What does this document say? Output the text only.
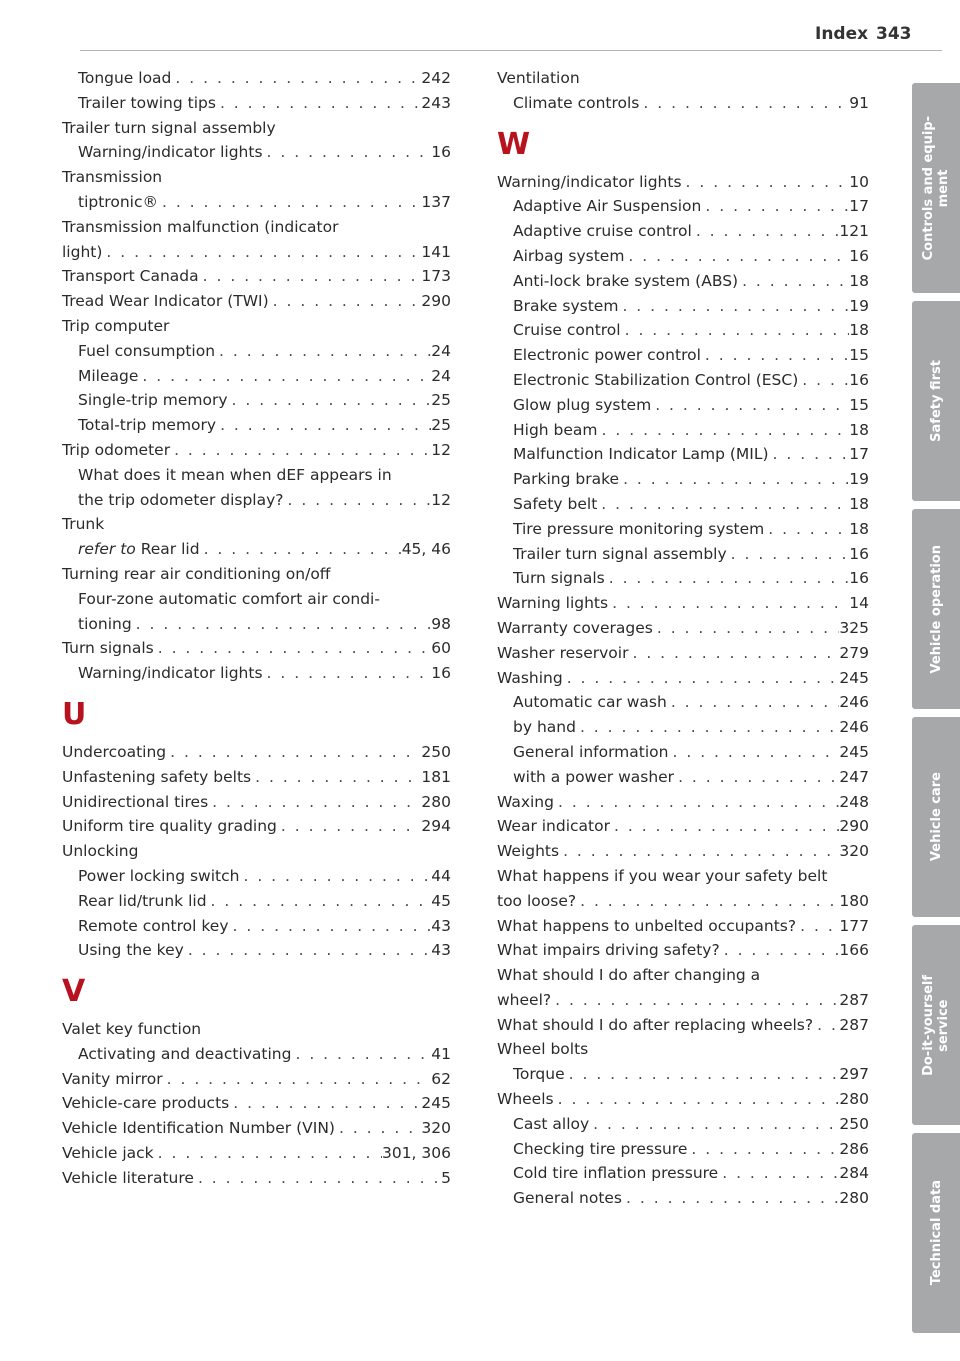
Index 343
Tongue load . . .	242
Trailer towing tips . . .	243
Trailer turn signal assembly
Warning/indicator lights . . .	16
Transmission
tiptronic® . . .	137
Transmission malfunction (indicator
light) . . .	141
Transport Canada . . .	173
Tread Wear Indicator (TWI) . . .	290
Trip computer
Fuel consumption . . .	24
Mileage . . .	24
Single-trip memory . . .	25
Total-trip memory . . .	25
Trip odometer . . .	12
What does it mean when dEF appears in
the trip odometer display? . . .	12
Trunk
refer to Rear lid . . .	45, 46
Turning rear air conditioning on/off
Four-zone automatic comfort air condi-
tioning . . .	98
Turn signals . . .	60
Warning/indicator lights . . .	16
U
Undercoating . . .	250
Unfastening safety belts . . .	181
Unidirectional tires . . .	280
Uniform tire quality grading . . .	294
Unlocking
Power locking switch . . .	44
Rear lid/trunk lid . . .	45
Remote control key . . .	43
Using the key . . .	43
V
Valet key function
Activating and deactivating . . .	41
Vanity mirror . . .	62
Vehicle-care products . . .	245
Vehicle Identification Number (VIN) . . .	320
Vehicle jack . . .	301, 306
Vehicle literature . . .	5
Ventilation
Climate controls . . .	91
W
Warning/indicator lights . . .	10
Adaptive Air Suspension . . .	17
Adaptive cruise control . . .	121
Airbag system . . .	16
Anti-lock brake system (ABS) . . .	18
Brake system . . .	19
Cruise control . . .	18
Electronic power control . . .	15
Electronic Stabilization Control (ESC) . . .	16
Glow plug system . . .	15
High beam . . .	18
Malfunction Indicator Lamp (MIL) . . .	17
Parking brake . . .	19
Safety belt . . .	18
Tire pressure monitoring system . . .	18
Trailer turn signal assembly . . .	16
Turn signals . . .	16
Warning lights . . .	14
Warranty coverages . . .	325
Washer reservoir . . .	279
Washing . . .	245
Automatic car wash . . .	246
by hand . . .	246
General information . . .	245
with a power washer . . .	247
Waxing . . .	248
Wear indicator . . .	290
Weights . . .	320
What happens if you wear your safety belt
too loose? . . .	180
What happens to unbelted occupants? . . .	177
What impairs driving safety? . . .	166
What should I do after changing a
wheel? . . .	287
What should I do after replacing wheels? . . . 287
Wheel bolts
Torque . . .	297
Wheels . . .	280
Cast alloy . . .	250
Checking tire pressure . . .	286
Cold tire inflation pressure . . .	284
General notes . . .	280
Controls and equip-
ment
Safety first
Vehicle operation
Vehicle care
Do-it-yourself
service
Technical data
